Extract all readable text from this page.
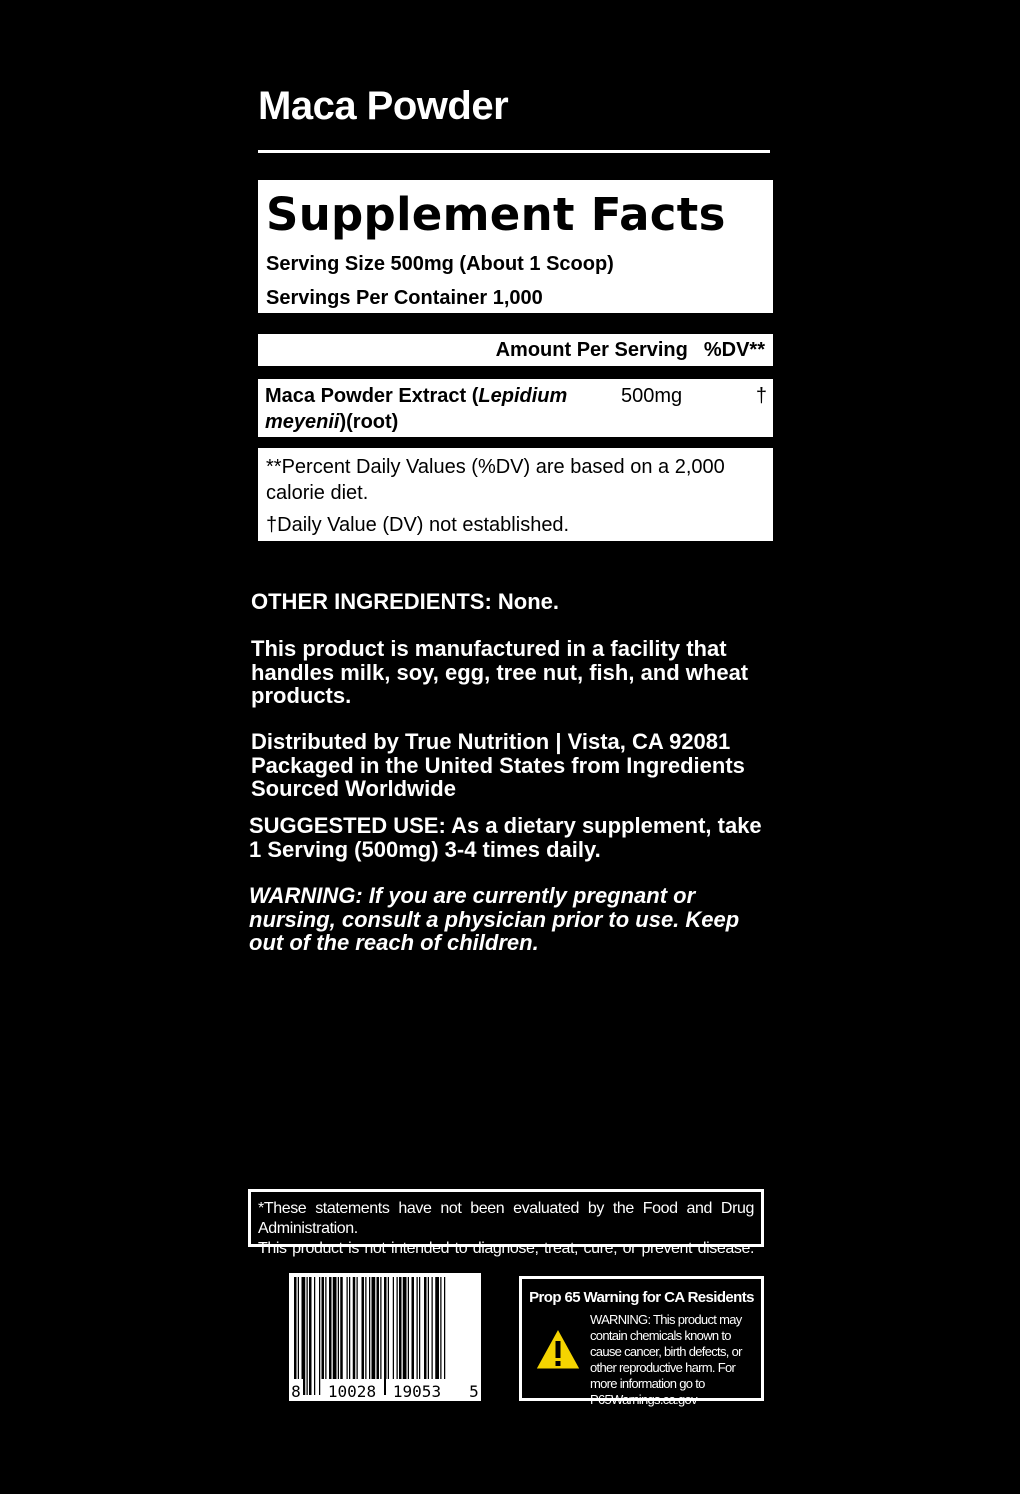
Maca Powder
Supplement Facts
Serving Size 500mg (About 1 Scoop)
Servings Per Container 1,000
Amount Per Serving %DV**
Maca Powder Extract (Lepidium meyenii)(root)
500mg	†
**Percent Daily Values (%DV) are based on a 2,000 calorie diet.
†Daily Value (DV) not established.

OTHER INGREDIENTS: None.

This product is manufactured in a facility that handles milk, soy, egg, tree nut, fish, and wheat products.

Distributed by True Nutrition | Vista, CA 92081
Packaged in the United States from Ingredients Sourced Worldwide

SUGGESTED USE: As a dietary supplement, take 1 Serving (500mg) 3-4 times daily.

WARNING: If you are currently pregnant or nursing, consult a physician prior to use. Keep out of the reach of children.

*These statements have not been evaluated by the Food and Drug Administration.
This product is not intended to diagnose, treat, cure, or prevent disease.
8 10028 19053 5
Prop 65 Warning for CA Residents
WARNING: This product may contain chemicals known to cause cancer, birth defects, or other reproductive harm. For more information go to P65Warnings.ca.gov
